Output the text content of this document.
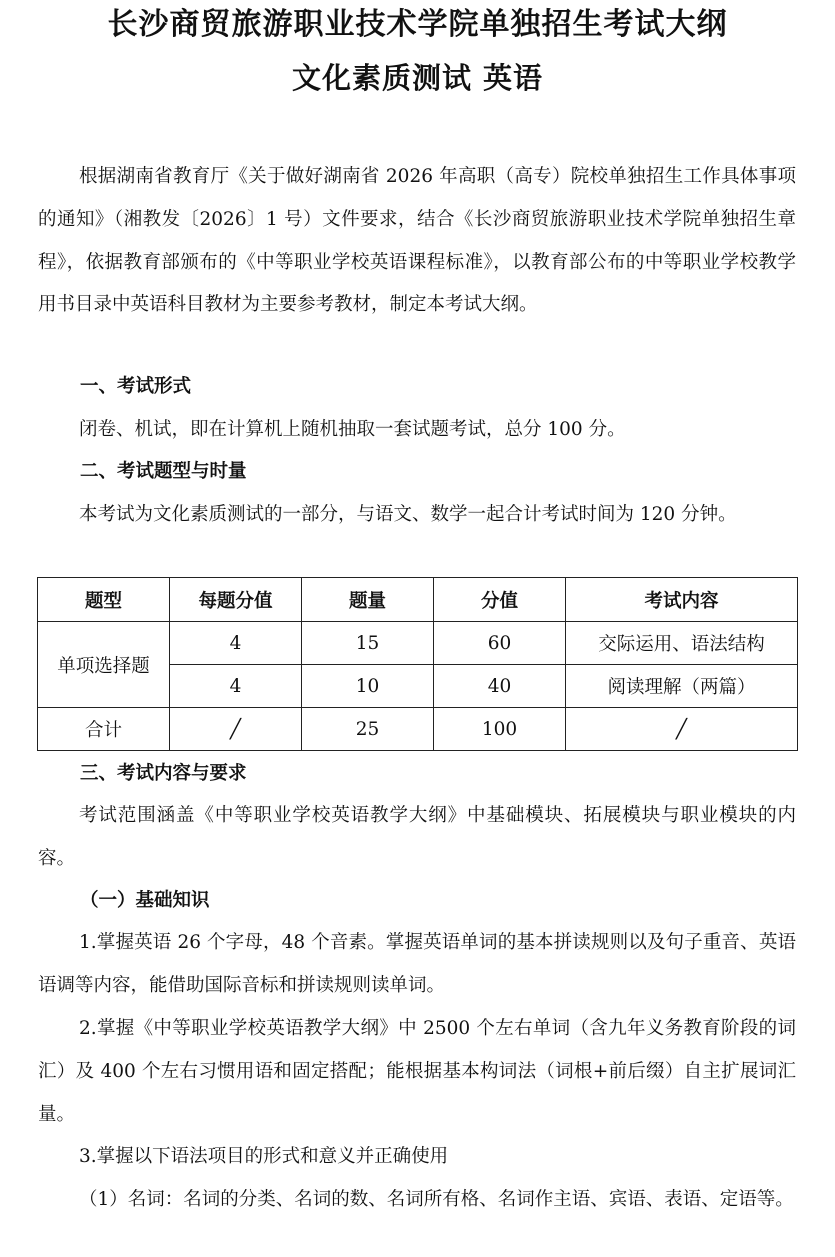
长沙商贸旅游职业技术学院单独招生考试大纲
文化素质测试 英语

根据湖南省教育厅《关于做好湖南省 2026 年高职（高专）院校单独招生工作具体事项的通知》（湘教发〔2026〕1 号）文件要求，结合《长沙商贸旅游职业技术学院单独招生章程》，依据教育部颁布的《中等职业学校英语课程标准》，以教育部公布的中等职业学校教学用书目录中英语科目教材为主要参考教材，制定本考试大纲。

一、考试形式

闭卷、机试，即在计算机上随机抽取一套试题考试，总分 100 分。

二、考试题型与时量

本考试为文化素质测试的一部分，与语文、数学一起合计考试时间为 120 分钟。

题型	每题分值	题量	分值	考试内容
单项选择题	4	15	60	交际运用、语法结构
	4	10	40	阅读理解（两篇）
合计	╱	25	100	╱
三、考试内容与要求

考试范围涵盖《中等职业学校英语教学大纲》中基础模块、拓展模块与职业模块的内容。

（一）基础知识

1.掌握英语 26 个字母，48 个音素。掌握英语单词的基本拼读规则以及句子重音、英语语调等内容，能借助国际音标和拼读规则读单词。

2.掌握《中等职业学校英语教学大纲》中 2500 个左右单词（含九年义务教育阶段的词汇）及 400 个左右习惯用语和固定搭配；能根据基本构词法（词根+前后缀）自主扩展词汇量。

3.掌握以下语法项目的形式和意义并正确使用

（1）名词：名词的分类、名词的数、名词所有格、名词作主语、宾语、表语、定语等。
